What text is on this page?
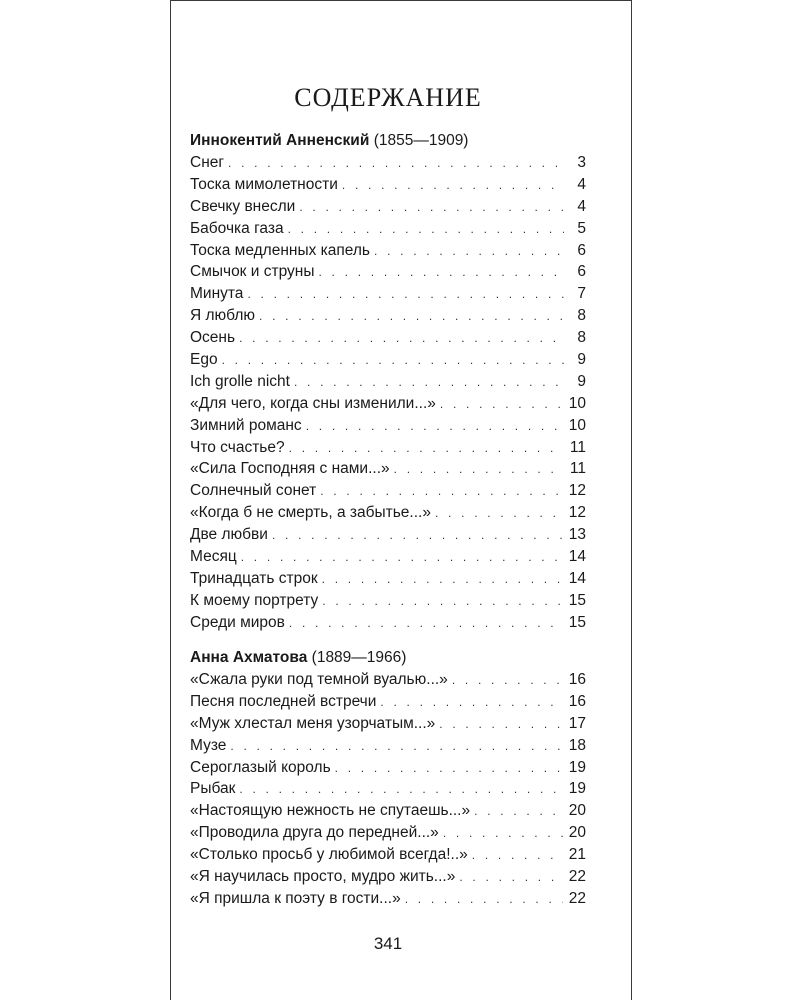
СОДЕРЖАНИЕ
Иннокентий Анненский (1855—1909)
Снег . . .	3
Тоска мимолетности . . .	4
Свечку внесли . . .	4
Бабочка газа . . .	5
Тоска медленных капель . . .	6
Смычок и струны . . .	6
Минута . . .	7
Я люблю . . .	8
Осень . . .	8
Ego . . .	9
Ich grolle nicht . . .	9
«Для чего, когда сны изменили...» . . .	10
Зимний романс . . .	10
Что счастье? . . .	11
«Сила Господняя с нами...» . . .	11
Солнечный сонет . . .	12
«Когда б не смерть, а забытье...» . . .	12
Две любви . . .	13
Месяц . . .	14
Тринадцать строк . . .	14
К моему портрету . . .	15
Среди миров . . .	15
Анна Ахматова (1889—1966)
«Сжала руки под темной вуалью...» . . .	16
Песня последней встречи . . .	16
«Муж хлестал меня узорчатым...» . . .	17
Музе . . .	18
Сероглазый король . . .	19
Рыбак . . .	19
«Настоящую нежность не спутаешь...» . . .	20
«Проводила друга до передней...» . . .	20
«Столько просьб у любимой всегда!..» . . .	21
«Я научилась просто, мудро жить...» . . .	22
«Я пришла к поэту в гости...» . . .	22
341
